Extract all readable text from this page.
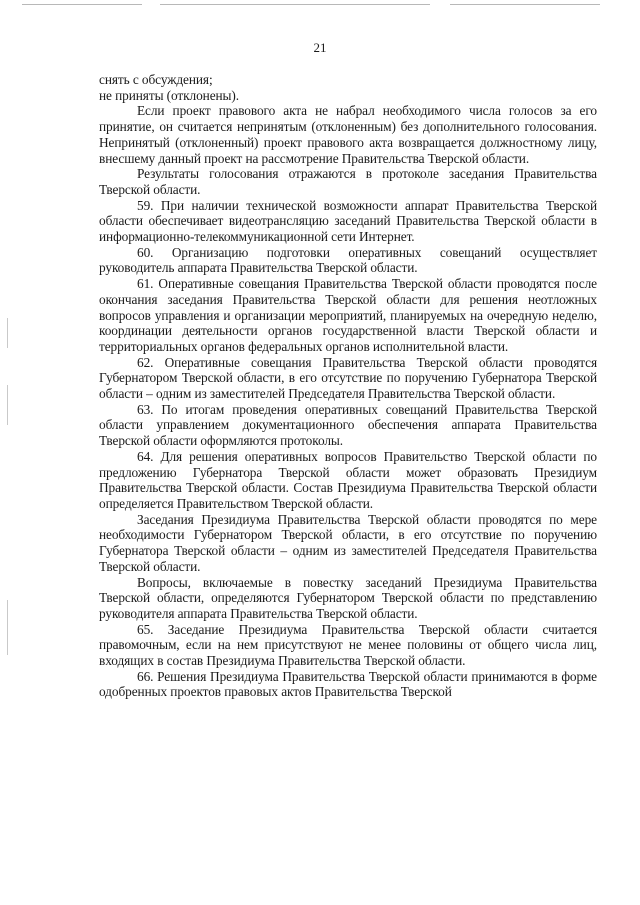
21

снять с обсуждения;

не приняты (отклонены).

Если проект правового акта не набрал необходимого числа голосов за его принятие, он считается непринятым (отклоненным) без дополнительного голосования. Непринятый (отклоненный) проект правового акта возвращается должностному лицу, внесшему данный проект на рассмотрение Правительства Тверской области.

Результаты голосования отражаются в протоколе заседания Правительства Тверской области.

59. При наличии технической возможности аппарат Правительства Тверской области обеспечивает видеотрансляцию заседаний Правительства Тверской области в информационно-телекоммуникационной сети Интернет.

60. Организацию подготовки оперативных совещаний осуществляет руководитель аппарата Правительства Тверской области.

61. Оперативные совещания Правительства Тверской области проводятся после окончания заседания Правительства Тверской области для решения неотложных вопросов управления и организации мероприятий, планируемых на очередную неделю, координации деятельности органов государственной власти Тверской области и территориальных органов федеральных органов исполнительной власти.

62. Оперативные совещания Правительства Тверской области проводятся Губернатором Тверской области, в его отсутствие по поручению Губернатора Тверской области – одним из заместителей Председателя Правительства Тверской области.

63. По итогам проведения оперативных совещаний Правительства Тверской области управлением документационного обеспечения аппарата Правительства Тверской области оформляются протоколы.

64. Для решения оперативных вопросов Правительство Тверской области по предложению Губернатора Тверской области может образовать Президиум Правительства Тверской области. Состав Президиума Правительства Тверской области определяется Правительством Тверской области.

Заседания Президиума Правительства Тверской области проводятся по мере необходимости Губернатором Тверской области, в его отсутствие по поручению Губернатора Тверской области – одним из заместителей Председателя Правительства Тверской области.

Вопросы, включаемые в повестку заседаний Президиума Правительства Тверской области, определяются Губернатором Тверской области по представлению руководителя аппарата Правительства Тверской области.

65. Заседание Президиума Правительства Тверской области считается правомочным, если на нем присутствуют не менее половины от общего числа лиц, входящих в состав Президиума Правительства Тверской области.

66. Решения Президиума Правительства Тверской области принимаются в форме одобренных проектов правовых актов Правительства Тверской
